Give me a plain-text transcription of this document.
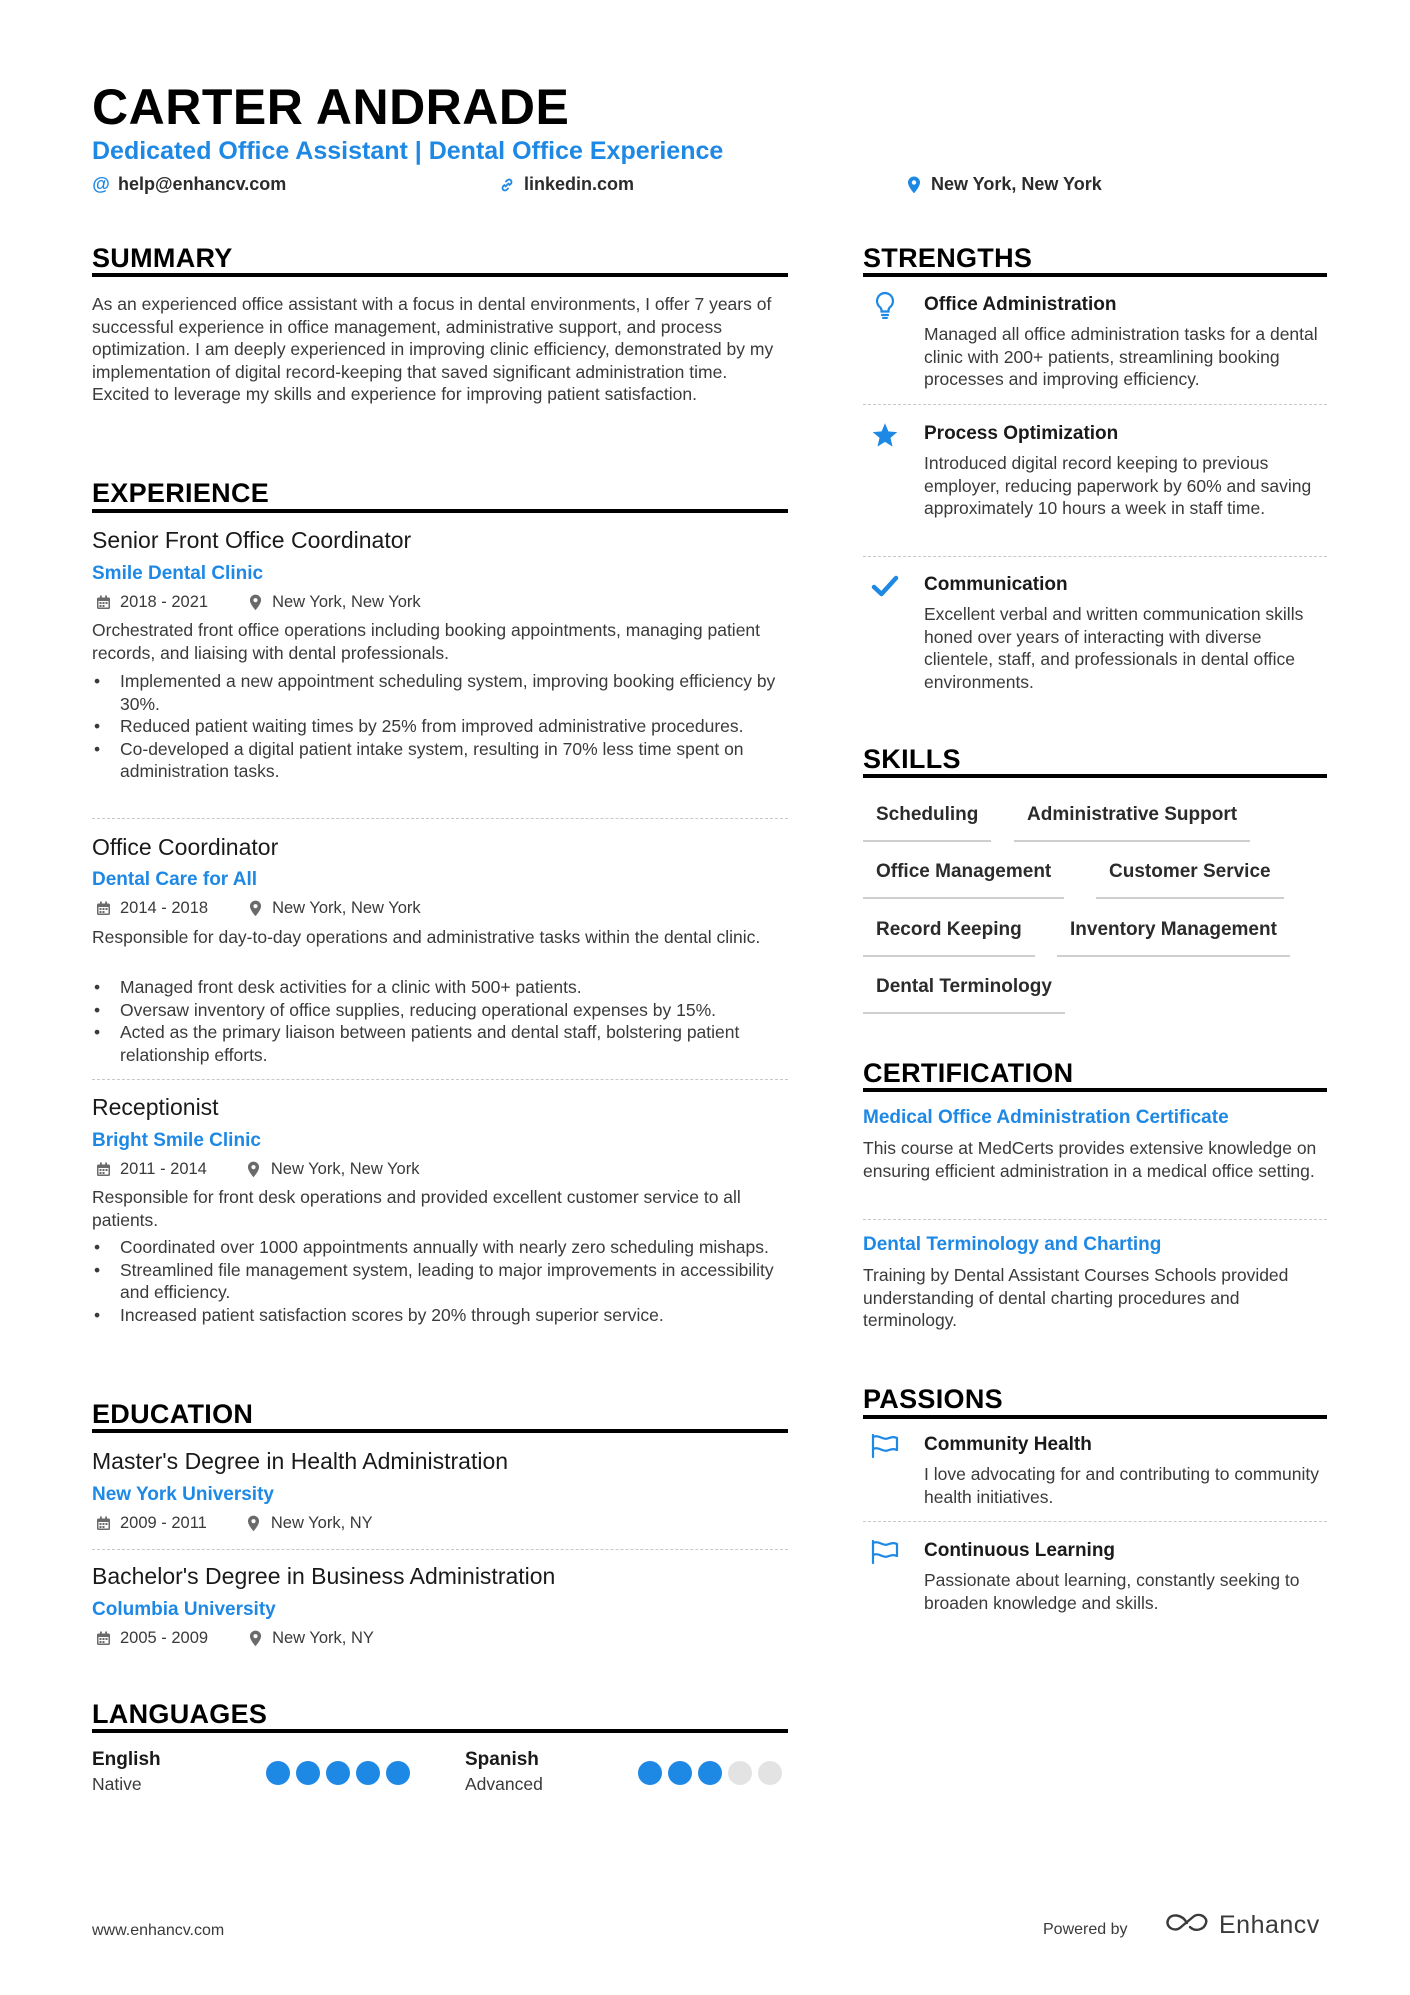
CARTER ANDRADE
Dedicated Office Assistant | Dental Office Experience
@ help@enhancv.com	linkedin.com	New York, New York
SUMMARY
As an experienced office assistant with a focus in dental environments, I offer 7 years of successful experience in office management, administrative support, and process optimization. I am deeply experienced in improving clinic efficiency, demonstrated by my implementation of digital record-keeping that saved significant administration time. Excited to leverage my skills and experience for improving patient satisfaction.
EXPERIENCE
Senior Front Office Coordinator
Smile Dental Clinic
2018 - 2021	New York, New York
Orchestrated front office operations including booking appointments, managing patient records, and liaising with dental professionals.
• Implemented a new appointment scheduling system, improving booking efficiency by 30%.
• Reduced patient waiting times by 25% from improved administrative procedures.
• Co-developed a digital patient intake system, resulting in 70% less time spent on administration tasks.
Office Coordinator
Dental Care for All
2014 - 2018	New York, New York
Responsible for day-to-day operations and administrative tasks within the dental clinic.
• Managed front desk activities for a clinic with 500+ patients.
• Oversaw inventory of office supplies, reducing operational expenses by 15%.
• Acted as the primary liaison between patients and dental staff, bolstering patient relationship efforts.
Receptionist
Bright Smile Clinic
2011 - 2014	New York, New York
Responsible for front desk operations and provided excellent customer service to all patients.
• Coordinated over 1000 appointments annually with nearly zero scheduling mishaps.
• Streamlined file management system, leading to major improvements in accessibility and efficiency.
• Increased patient satisfaction scores by 20% through superior service.
EDUCATION
Master's Degree in Health Administration
New York University
2009 - 2011	New York, NY
Bachelor's Degree in Business Administration
Columbia University
2005 - 2009	New York, NY
LANGUAGES
English
Native
Spanish
Advanced
STRENGTHS
Office Administration
Managed all office administration tasks for a dental clinic with 200+ patients, streamlining booking processes and improving efficiency.
Process Optimization
Introduced digital record keeping to previous employer, reducing paperwork by 60% and saving approximately 10 hours a week in staff time.
Communication
Excellent verbal and written communication skills honed over years of interacting with diverse clientele, staff, and professionals in dental office environments.
SKILLS
Scheduling	Administrative Support
Office Management	Customer Service
Record Keeping	Inventory Management
Dental Terminology
CERTIFICATION
Medical Office Administration Certificate
This course at MedCerts provides extensive knowledge on ensuring efficient administration in a medical office setting.
Dental Terminology and Charting
Training by Dental Assistant Courses Schools provided understanding of dental charting procedures and terminology.
PASSIONS
Community Health
I love advocating for and contributing to community health initiatives.
Continuous Learning
Passionate about learning, constantly seeking to broaden knowledge and skills.
www.enhancv.com	Powered by	Enhancv
